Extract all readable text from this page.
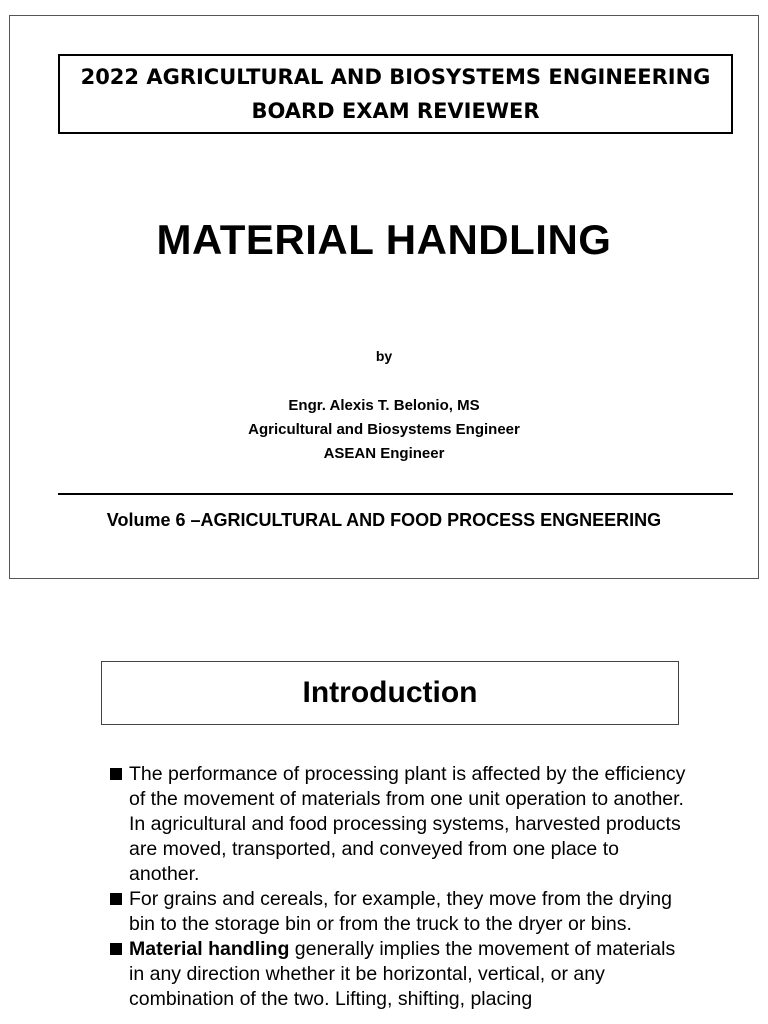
2022 AGRICULTURAL AND BIOSYSTEMS ENGINEERING
BOARD EXAM REVIEWER
MATERIAL HANDLING
by
Engr. Alexis T. Belonio, MS
Agricultural and Biosystems Engineer
ASEAN Engineer
Volume 6 –AGRICULTURAL AND FOOD PROCESS ENGNEERING
Introduction
The performance of processing plant is affected by the efficiency of the movement of materials from one unit operation to another. In agricultural and food processing systems, harvested products are moved, transported, and conveyed from one place to another.
For grains and cereals, for example, they move from the drying bin to the storage bin or from the truck to the dryer or bins.
Material handling generally implies the movement of materials in any direction whether it be horizontal, vertical, or any combination of the two. Lifting, shifting, placing
